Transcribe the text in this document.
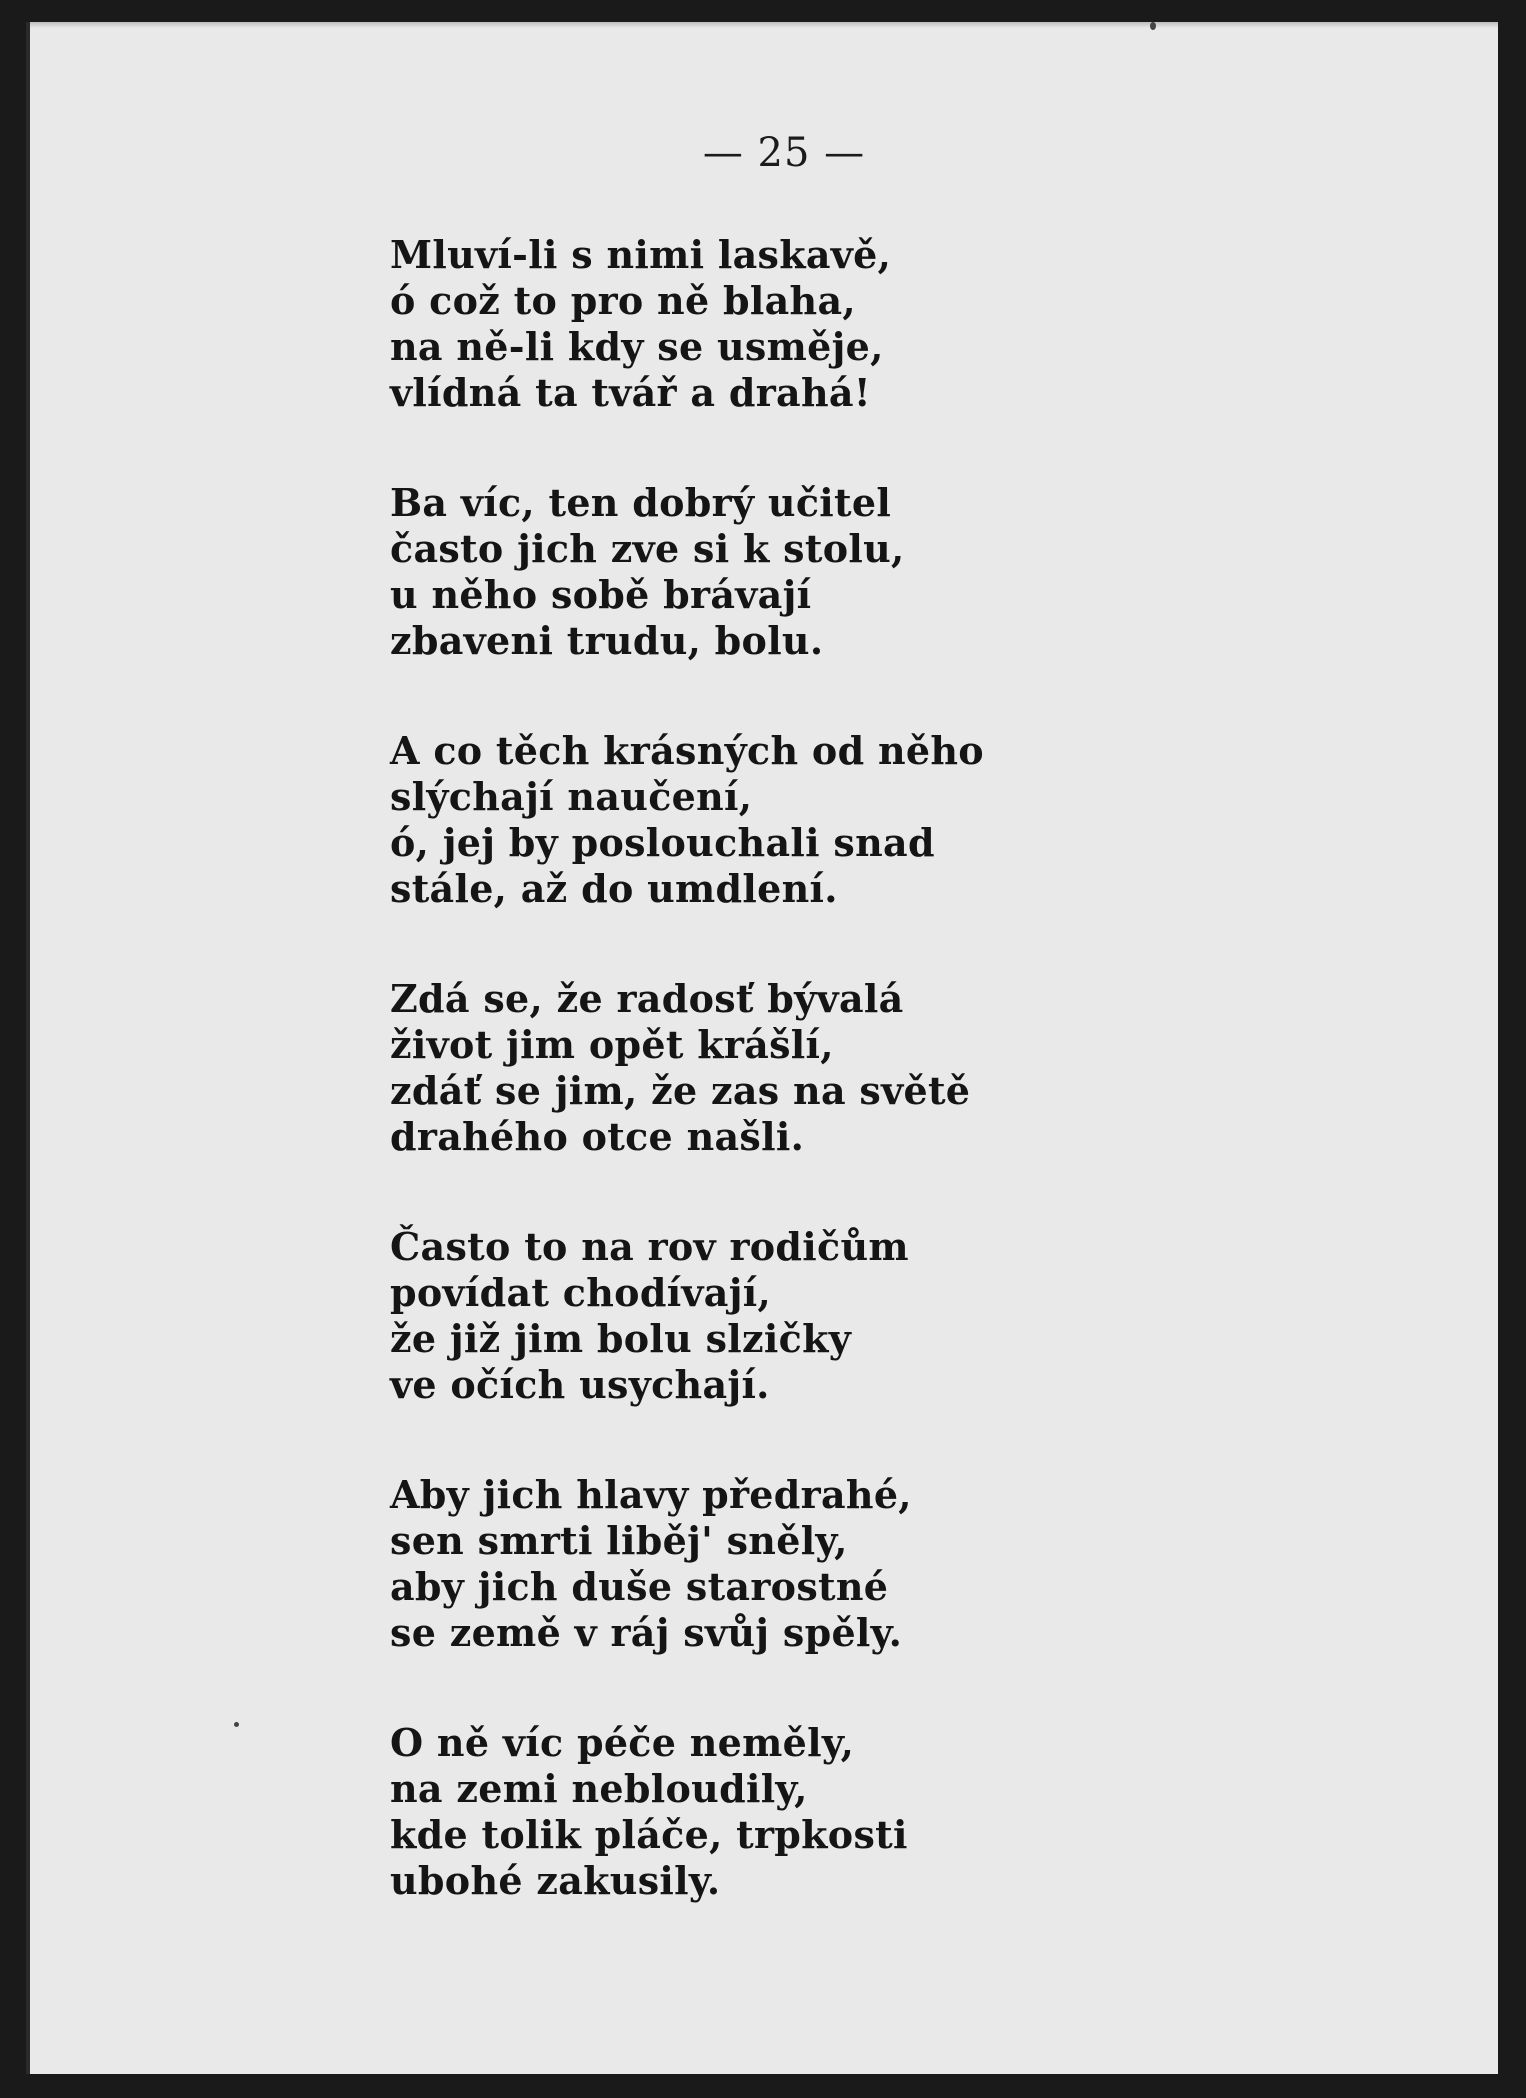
— 25 —
Mluví-li s nimi laskavě,
ó což to pro ně blaha,
na ně-li kdy se usměje,
vlídná ta tvář a drahá!
Ba víc, ten dobrý učitel
často jich zve si k stolu,
u něho sobě brávají
zbaveni trudu, bolu.
A co těch krásných od něho
slýchají naučení,
ó, jej by poslouchali snad
stále, až do umdlení.
Zdá se, že radosť bývalá
život jim opět krášlí,
zdáť se jim, že zas na světě
drahého otce našli.
Často to na rov rodičům
povídat chodívají,
že již jim bolu slzičky
ve očích usychají.
Aby jich hlavy předrahé,
sen smrti liběj' sněly,
aby jich duše starostné
se země v ráj svůj spěly.
O ně víc péče neměly,
na zemi nebloudily,
kde tolik pláče, trpkosti
ubohé zakusily.
